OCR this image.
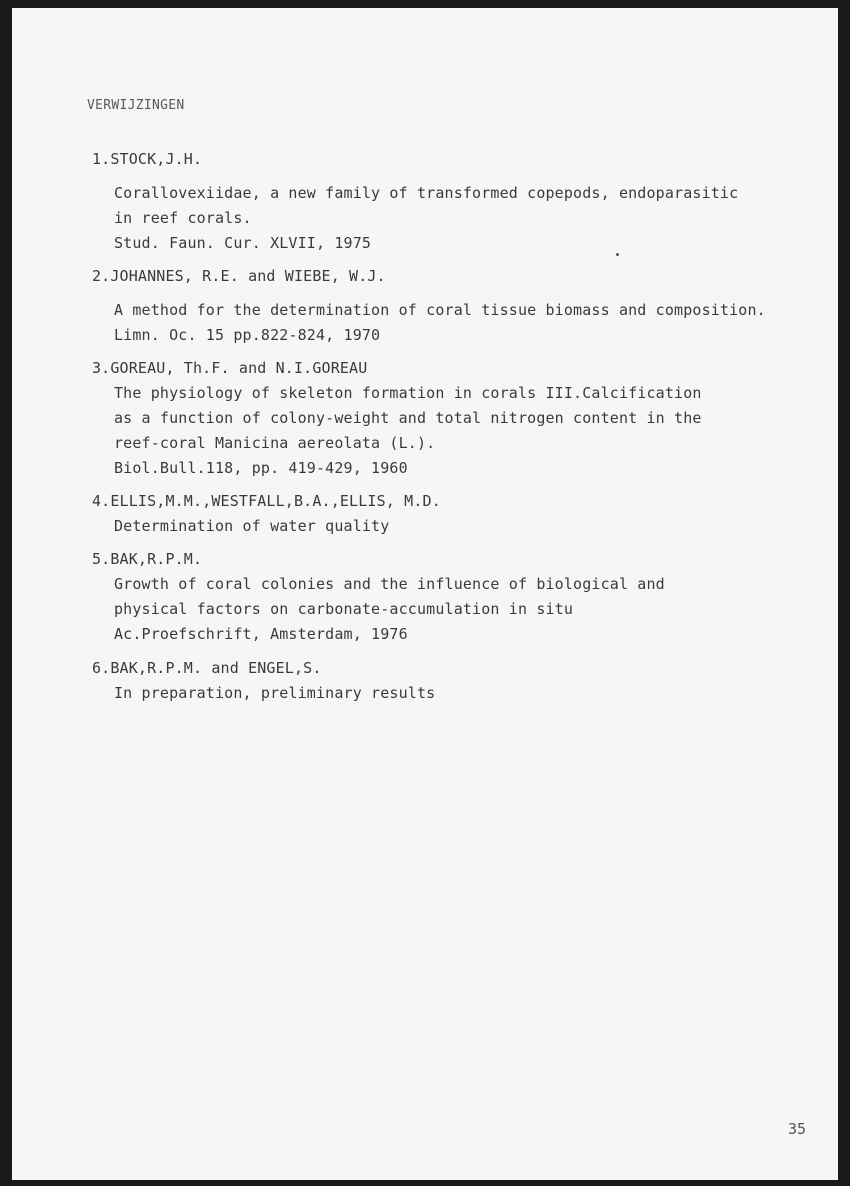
VERWIJZINGEN
1.STOCK,J.H.
Corallovexiidae, a new family of transformed copepods, endoparasitic
in reef corals.
Stud. Faun. Cur. XLVII, 1975
2.JOHANNES, R.E. and WIEBE, W.J.
A method for the determination of coral tissue biomass and composition.
Limn. Oc. 15 pp.822-824, 1970
3.GOREAU, Th.F. and N.I.GOREAU
The physiology of skeleton formation in corals III.Calcification
as a function of colony-weight and total nitrogen content in the
reef-coral Manicina aereolata (L.).
Biol.Bull.118, pp. 419-429, 1960
4.ELLIS,M.M.,WESTFALL,B.A.,ELLIS, M.D.
Determination of water quality
5.BAK,R.P.M.
Growth of coral colonies and the influence of biological and
physical factors on carbonate-accumulation in situ
Ac.Proefschrift, Amsterdam, 1976
6.BAK,R.P.M. and ENGEL,S.
In preparation, preliminary results
35
